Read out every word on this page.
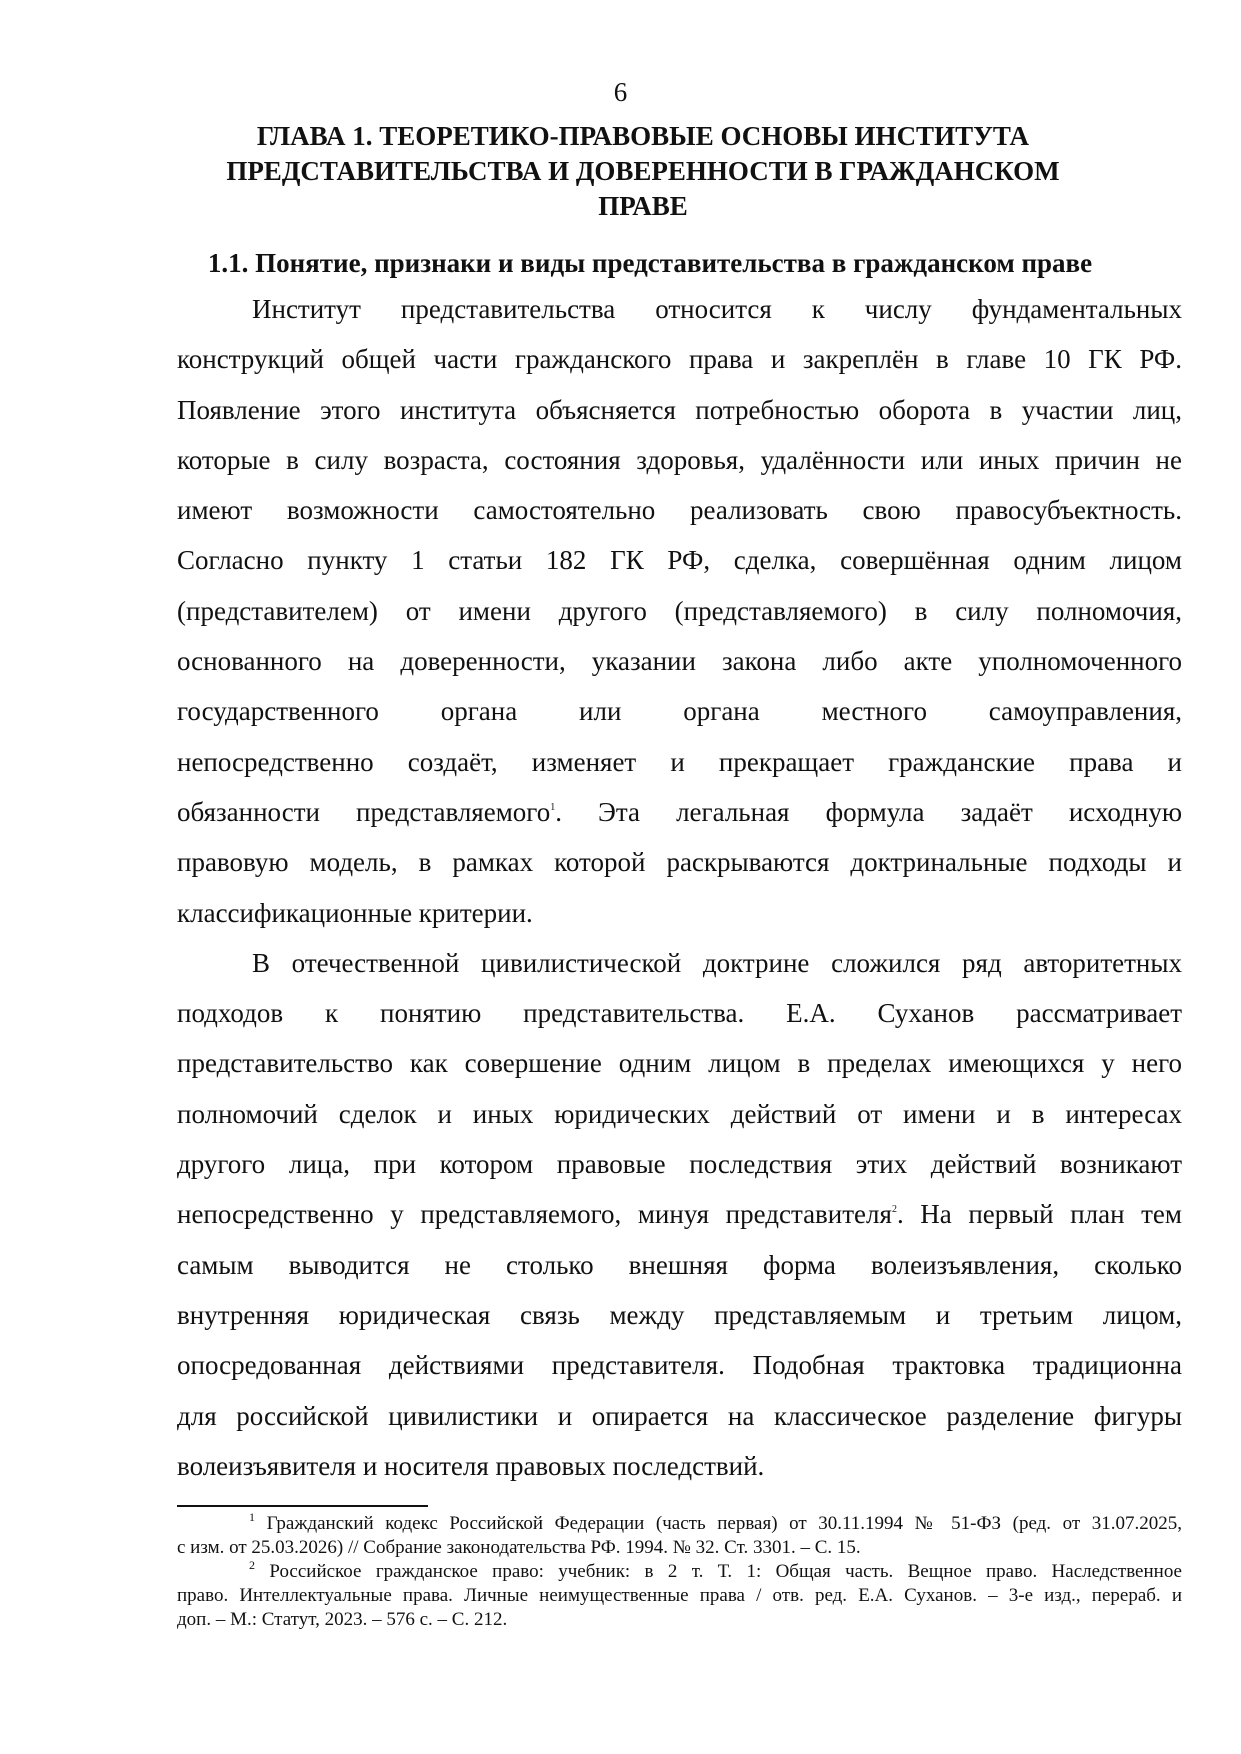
6
ГЛАВА 1. ТЕОРЕТИКО-ПРАВОВЫЕ ОСНОВЫ ИНСТИТУТА
ПРЕДСТАВИТЕЛЬСТВА И ДОВЕРЕННОСТИ В ГРАЖДАНСКОМ
ПРАВЕ
1.1. Понятие, признаки и виды представительства в гражданском праве
Институт представительства относится к числу фундаментальных
конструкций общей части гражданского права и закреплён в главе 10 ГК РФ.
Появление этого института объясняется потребностью оборота в участии лиц,
которые в силу возраста, состояния здоровья, удалённости или иных причин не
имеют возможности самостоятельно реализовать свою правосубъектность.
Согласно пункту 1 статьи 182 ГК РФ, сделка, совершённая одним лицом
(представителем) от имени другого (представляемого) в силу полномочия,
основанного на доверенности, указании закона либо акте уполномоченного
государственного органа или органа местного самоуправления,
непосредственно создаёт, изменяет и прекращает гражданские права и
обязанности представляемого$^1$. Эта легальная формула задаёт исходную
правовую модель, в рамках которой раскрываются доктринальные подходы и
классификационные критерии.
В отечественной цивилистической доктрине сложился ряд авторитетных
подходов к понятию представительства. Е.А. Суханов рассматривает
представительство как совершение одним лицом в пределах имеющихся у него
полномочий сделок и иных юридических действий от имени и в интересах
другого лица, при котором правовые последствия этих действий возникают
непосредственно у представляемого, минуя представителя$^2$. На первый план тем
самым выводится не столько внешняя форма волеизъявления, сколько
внутренняя юридическая связь между представляемым и третьим лицом,
опосредованная действиями представителя. Подобная трактовка традиционна
для российской цивилистики и опирается на классическое разделение фигуры
волеизъявителя и носителя правовых последствий.
$^1$ Гражданский кодекс Российской Федерации (часть первая) от 30.11.1994 № 51-ФЗ (ред. от 31.07.2025,
с изм. от 25.03.2026) // Собрание законодательства РФ. 1994. № 32. Ст. 3301. – С. 15.
$^2$ Российское гражданское право: учебник: в 2 т. Т. 1: Общая часть. Вещное право. Наследственное
право. Интеллектуальные права. Личные неимущественные права / отв. ред. Е.А. Суханов. – 3-е изд., перераб. и
доп. – М.: Статут, 2023. – 576 с. – С. 212.
